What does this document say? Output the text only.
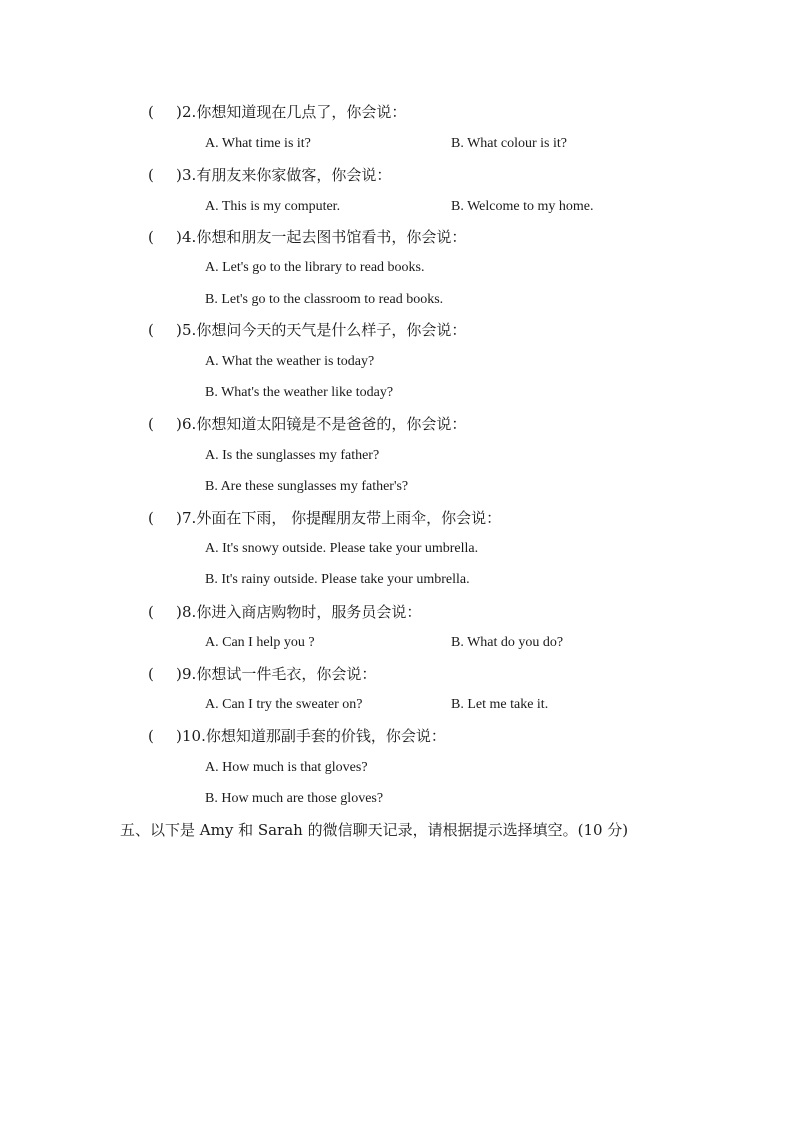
( )2.你想知道现在几点了，你会说：
A. What time is it?	B. What colour is it?
( )3.有朋友来你家做客，你会说：
A. This is my computer.	B. Welcome to my home.
( )4.你想和朋友一起去图书馆看书，你会说：
A. Let's go to the library to read books.
B. Let's go to the classroom to read books.
( )5.你想问今天的天气是什么样子，你会说：
A. What the weather is today?
B. What's the weather like today?
( )6.你想知道太阳镜是不是爸爸的，你会说：
A. Is the sunglasses my father?
B. Are these sunglasses my father's?
( )7.外面在下雨， 你提醒朋友带上雨伞，你会说：
A. It's snowy outside. Please take your umbrella.
B. It's rainy outside. Please take your umbrella.
( )8.你进入商店购物时，服务员会说：
A. Can I help you ?	B. What do you do?
( )9.你想试一件毛衣，你会说：
A. Can I try the sweater on?	B. Let me take it.
( )10.你想知道那副手套的价钱，你会说：
A. How much is that gloves?
B. How much are those gloves?
五、以下是 Amy 和 Sarah 的微信聊天记录，请根据提示选择填空。(10 分)
